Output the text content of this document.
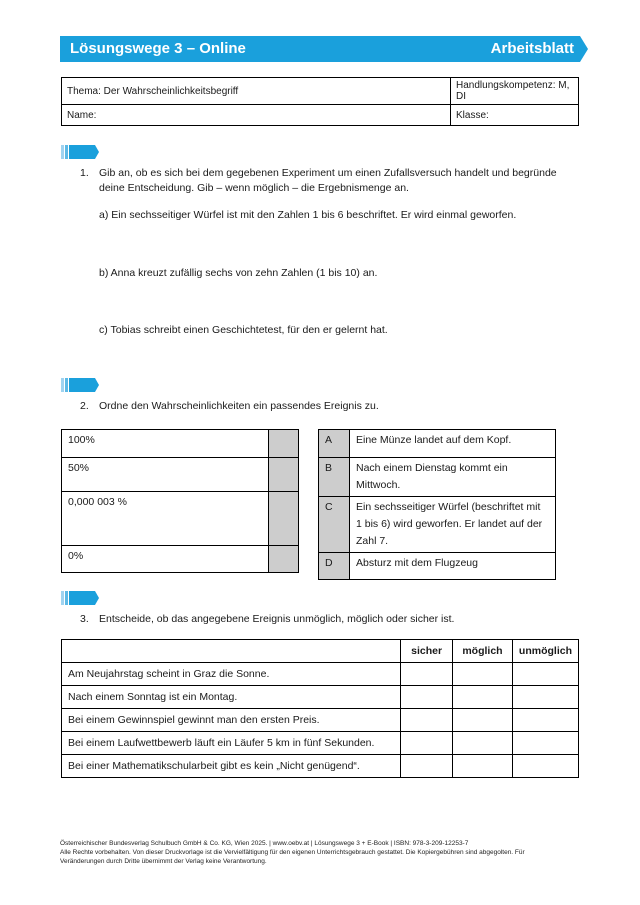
Lösungswege 3 – Online	Arbeitsblatt
Thema: Der Wahrscheinlichkeitsbegriff	Handlungskompetenz: M, DI
Name:	Klasse:
1. Gib an, ob es sich bei dem gegebenen Experiment um einen Zufallsversuch handelt und begründe
deine Entscheidung. Gib – wenn möglich – die Ergebnismenge an.
a) Ein sechsseitiger Würfel ist mit den Zahlen 1 bis 6 beschriftet. Er wird einmal geworfen.
b) Anna kreuzt zufällig sechs von zehn Zahlen (1 bis 10) an.
c) Tobias schreibt einen Geschichtetest, für den er gelernt hat.
2. Ordne den Wahrscheinlichkeiten ein passendes Ereignis zu.
100%	
50%	
0,000 003 %	
0%	
A	Eine Münze landet auf dem Kopf.

B	Nach einem Dienstag kommt ein
Mittwoch.

C	Ein sechsseitiger Würfel (beschriftet mit
1 bis 6) wird geworfen. Er landet auf der
Zahl 7.

D	Absturz mit dem Flugzeug
3. Entscheide, ob das angegebene Ereignis unmöglich, möglich oder sicher ist.
	sicher	möglich	unmöglich
Am Neujahrstag scheint in Graz die Sonne.			
Nach einem Sonntag ist ein Montag.			
Bei einem Gewinnspiel gewinnt man den ersten Preis.			
Bei einem Laufwettbewerb läuft ein Läufer 5 km in fünf Sekunden.			
Bei einer Mathematikschularbeit gibt es kein „Nicht genügend“.			
Österreichischer Bundesverlag Schulbuch GmbH & Co. KG, Wien 2025. | www.oebv.at | Lösungswege 3 + E-Book | ISBN: 978-3-209-12253-7
Alle Rechte vorbehalten. Von dieser Druckvorlage ist die Vervielfältigung für den eigenen Unterrichtsgebrauch gestattet. Die Kopiergebühren sind abgegolten. Für
Veränderungen durch Dritte übernimmt der Verlag keine Verantwortung.
